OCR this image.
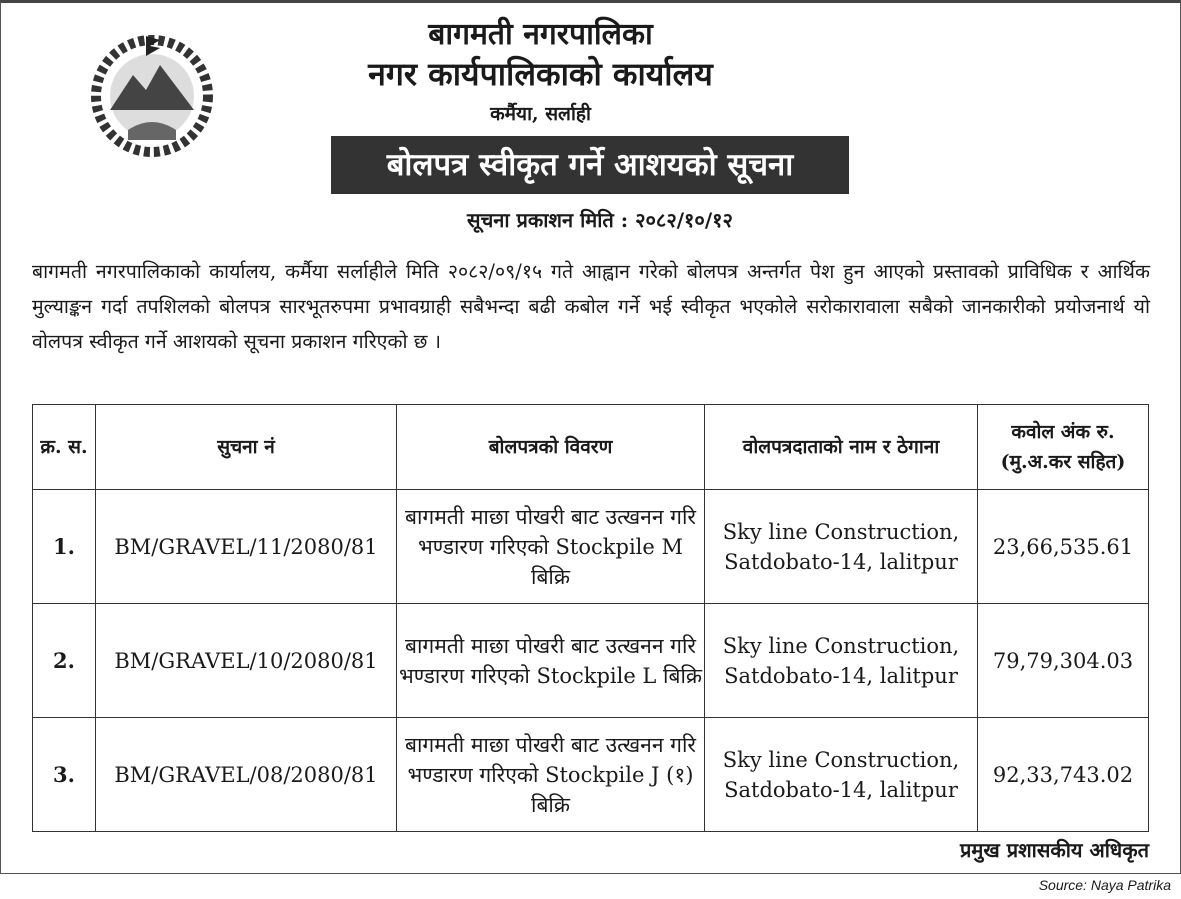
बागमती नगरपालिका
नगर कार्यपालिकाको कार्यालय
कर्मैया, सर्लाही
बोलपत्र स्वीकृत गर्ने आशयको सूचना
सूचना प्रकाशन मिति : २०८२/१०/१२
बागमती नगरपालिकाको कार्यालय, कर्मैया सर्लाहीले मिति २०८२/०९/१५ गते आह्वान गरेको बोलपत्र अन्तर्गत पेश हुन आएको प्रस्तावको प्राविधिक र आर्थिक मुल्याङ्कन गर्दा तपशिलको बोलपत्र सारभूतरुपमा प्रभावग्राही सबैभन्दा बढी कबोल गर्ने भई स्वीकृत भएकोले सरोकारावाला सबैको जानकारीको प्रयोजनार्थ यो वोलपत्र स्वीकृत गर्ने आशयको सूचना प्रकाशन गरिएको छ ।
क्र. स.	सुचना नं	बोलपत्रको विवरण	वोलपत्रदाताको नाम र ठेगाना	कवोल अंक रु. (मु.अ.कर सहित)
1.	BM/GRAVEL/11/2080/81	बागमती माछा पोखरी बाट उत्खनन गरि भण्डारण गरिएको Stockpile M बिक्रि	Sky line Construction, Satdobato-14, lalitpur	23,66,535.61
2.	BM/GRAVEL/10/2080/81	बागमती माछा पोखरी बाट उत्खनन गरि भण्डारण गरिएको Stockpile L बिक्रि	Sky line Construction, Satdobato-14, lalitpur	79,79,304.03
3.	BM/GRAVEL/08/2080/81	बागमती माछा पोखरी बाट उत्खनन गरि भण्डारण गरिएको Stockpile J (१) बिक्रि	Sky line Construction, Satdobato-14, lalitpur	92,33,743.02
प्रमुख प्रशासकीय अधिकृत
Source: Naya Patrika
